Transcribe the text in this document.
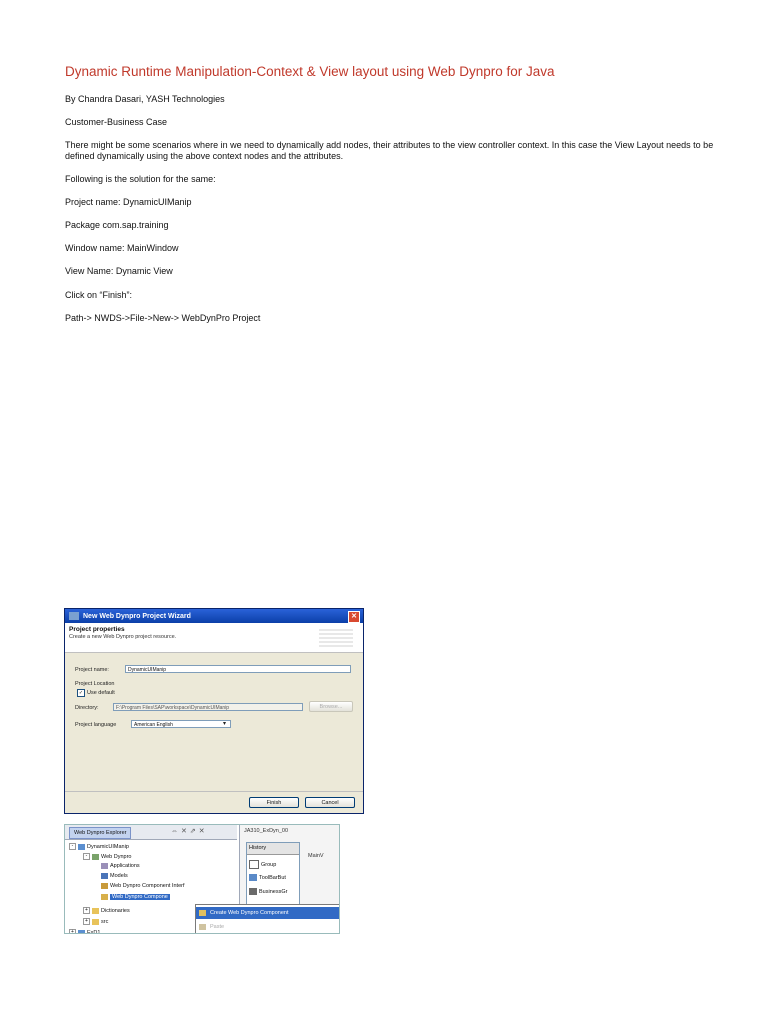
Dynamic Runtime Manipulation-Context & View layout using Web Dynpro for Java
By Chandra Dasari, YASH Technologies
Customer-Business Case
There might be some scenarios where in we need to dynamically add nodes, their attributes to the view controller context. In this case the View Layout needs to be defined dynamically using the above context nodes and the attributes.
Following is the solution for the same:
Project name: DynamicUIManip
Package com.sap.training
Window name: MainWindow
View Name: Dynamic View
Click on “Finish”:
Path-> NWDS->File->New-> WebDynPro Project
New Web Dynpro Project Wizard	✕
Project properties
Create a new Web Dynpro project resource.
Project name:	DynamicUIManip
Project Location
✓ Use default
Directory:	F:\Program Files\SAP\workspace\DynamicUIManip	Browse...
Project language	American English	▾
Finish	Cancel
Web Dynpro Explorer	⇔✕⇗✕
-	DynamicUIManip
-	Web Dynpro
Applications
Models
Web Dynpro Component Interf
Web Dynpro Compone
+	Dictionaries
+	src
+	ExD1
JA310_ExDyn_00
History
Group
ToolBarBut
BusinessGr
MainV
Create Web Dynpro Component
Paste
